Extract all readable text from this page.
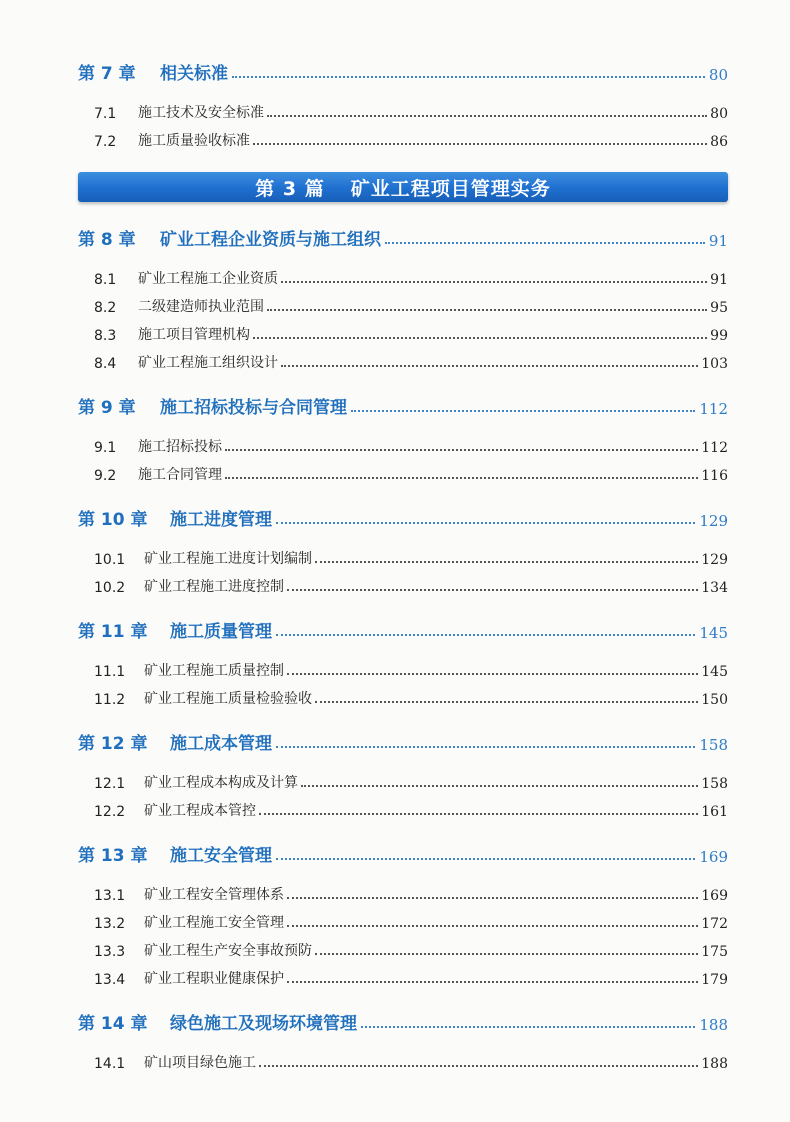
第 7 章	相关标准	80
7.1	施工技术及安全标准	80
7.2	施工质量验收标准	86
第 3 篇 矿业工程项目管理实务
第 8 章	矿业工程企业资质与施工组织	91
8.1	矿业工程施工企业资质	91
8.2	二级建造师执业范围	95
8.3	施工项目管理机构	99
8.4	矿业工程施工组织设计	103
第 9 章	施工招标投标与合同管理	112
9.1	施工招标投标	112
9.2	施工合同管理	116
第 10 章	施工进度管理	129
10.1	矿业工程施工进度计划编制	129
10.2	矿业工程施工进度控制	134
第 11 章	施工质量管理	145
11.1	矿业工程施工质量控制	145
11.2	矿业工程施工质量检验验收	150
第 12 章	施工成本管理	158
12.1	矿业工程成本构成及计算	158
12.2	矿业工程成本管控	161
第 13 章	施工安全管理	169
13.1	矿业工程安全管理体系	169
13.2	矿业工程施工安全管理	172
13.3	矿业工程生产安全事故预防	175
13.4	矿业工程职业健康保护	179
第 14 章	绿色施工及现场环境管理	188
14.1	矿山项目绿色施工	188
